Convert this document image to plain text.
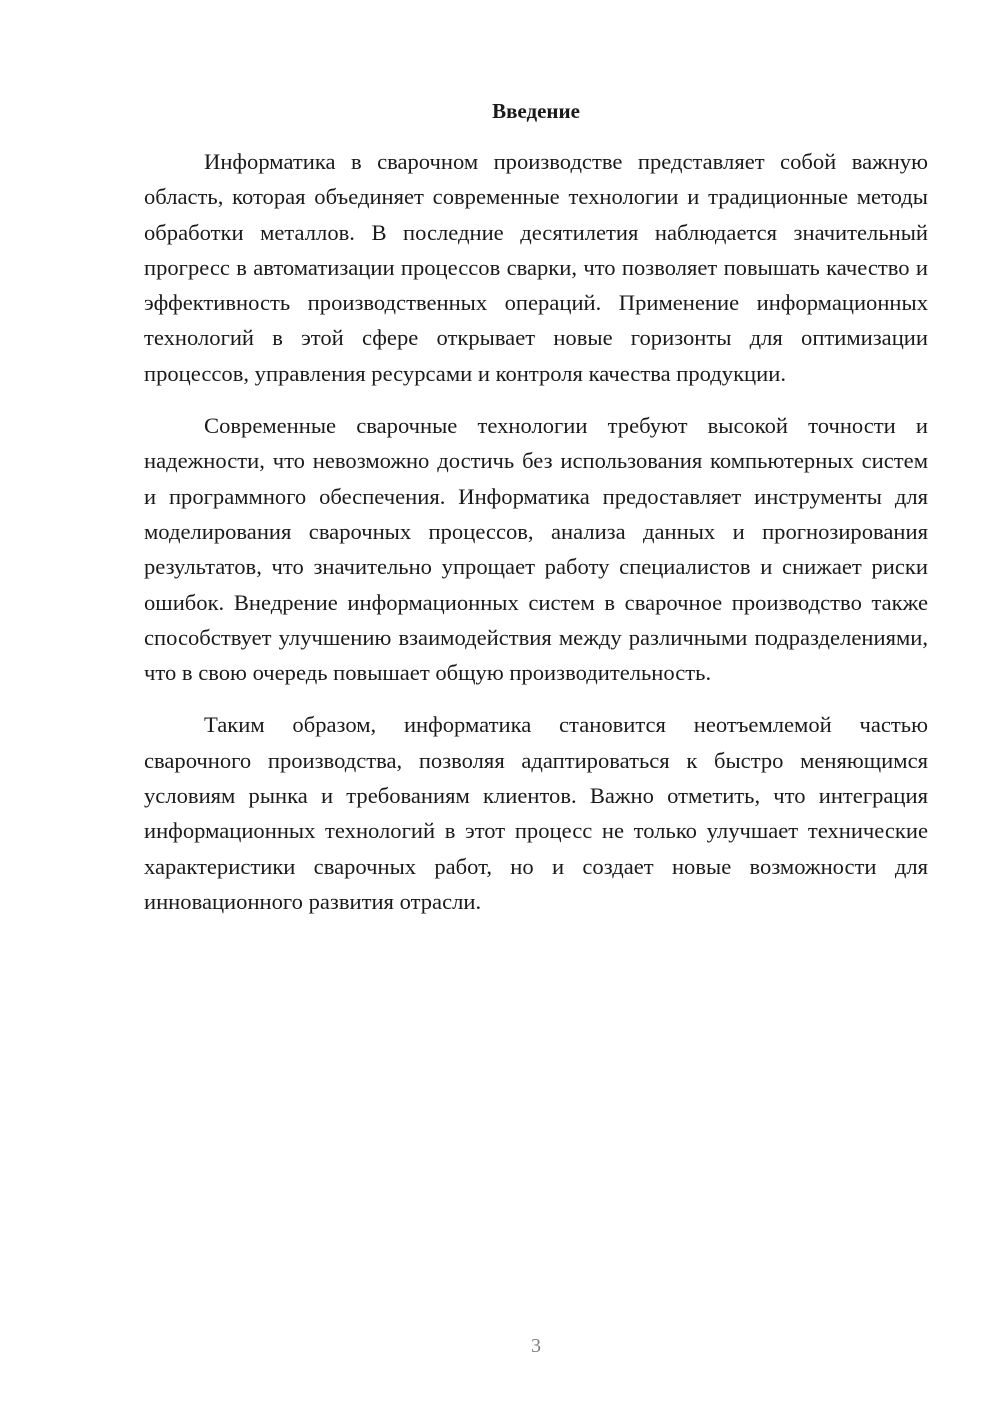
Введение

Информатика в сварочном производстве представляет собой важную область, которая объединяет современные технологии и традиционные методы обработки металлов. В последние десятилетия наблюдается значительный прогресс в автоматизации процессов сварки, что позволяет повышать качество и эффективность производственных операций. Применение информационных технологий в этой сфере открывает новые горизонты для оптимизации процессов, управления ресурсами и контроля качества продукции.

Современные сварочные технологии требуют высокой точности и надежности, что невозможно достичь без использования компьютерных систем и программного обеспечения. Информатика предоставляет инструменты для моделирования сварочных процессов, анализа данных и прогнозирования результатов, что значительно упрощает работу специалистов и снижает риски ошибок. Внедрение информационных систем в сварочное производство также способствует улучшению взаимодействия между различными подразделениями, что в свою очередь повышает общую производительность.

Таким образом, информатика становится неотъемлемой частью сварочного производства, позволяя адаптироваться к быстро меняющимся условиям рынка и требованиям клиентов. Важно отметить, что интеграция информационных технологий в этот процесс не только улучшает технические характеристики сварочных работ, но и создает новые возможности для инновационного развития отрасли.

3
